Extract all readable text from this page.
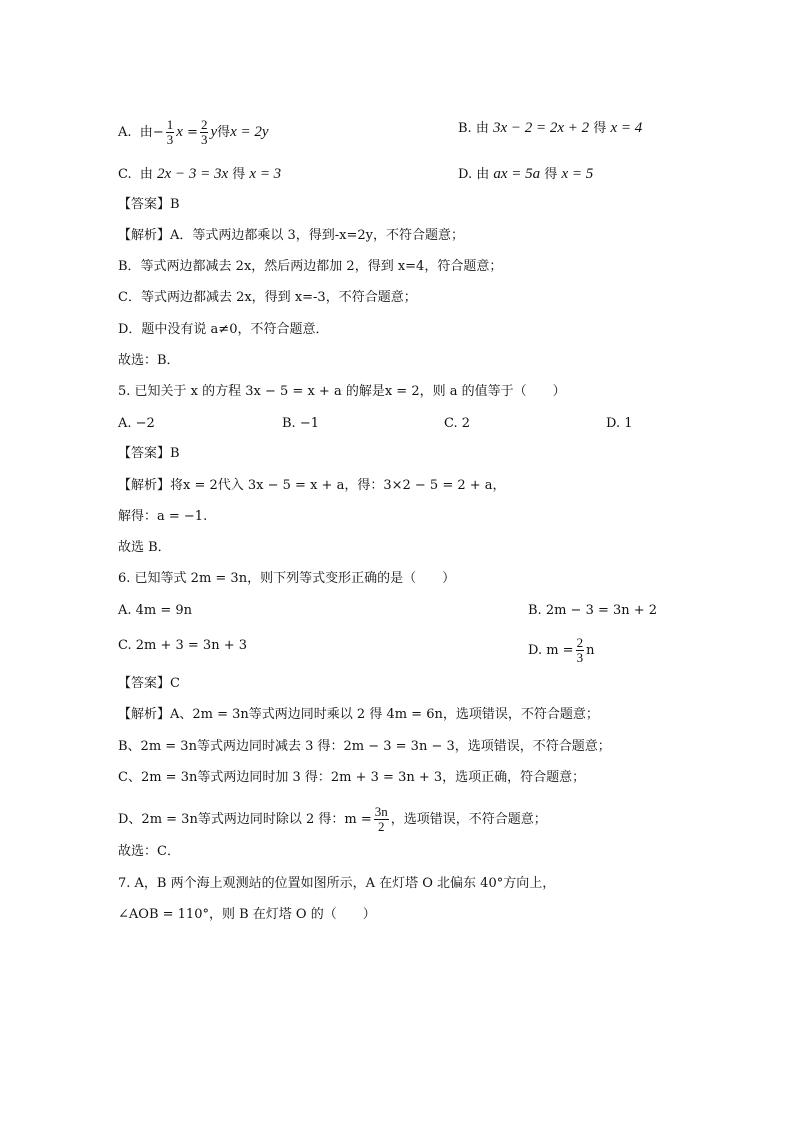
A. 由− $\frac{1}{3}$ $x = \frac{2}{3}$ y得x = 2y	B. 由 3x − 2 = 2x + 2 得 x = 4
C. 由 2x − 3 = 3x 得 x = 3	D. 由 ax = 5a 得 x = 5
【答案】B
【解析】A．等式两边都乘以 3，得到-x=2y，不符合题意；
B．等式两边都减去 2x，然后两边都加 2，得到 x=4，符合题意；
C．等式两边都减去 2x，得到 x=-3，不符合题意；
D．题中没有说 a≠0，不符合题意．
故选：B．
5. 已知关于 x 的方程 3x − 5 = x + a 的解是x = 2，则 a 的值等于（　　）
A. −2	B. −1	C. 2	D. 1
【答案】B
【解析】将x = 2代入 3x − 5 = x + a，得：3×2 − 5 = 2 + a，
解得：a = −1.
故选 B．
6. 已知等式 2m = 3n，则下列等式变形正确的是（　　）
A. 4m = 9n	B. 2m − 3 = 3n + 2
C. 2m + 3 = 3n + 3	D. $m = \frac{2}{3}$ n
【答案】C
【解析】A、2m = 3n等式两边同时乘以 2 得 4m = 6n，选项错误，不符合题意；
B、2m = 3n等式两边同时减去 3 得：2m − 3 = 3n − 3，选项错误，不符合题意；
C、2m = 3n等式两边同时加 3 得：2m + 3 = 3n + 3，选项正确，符合题意；
D、2m = 3n等式两边同时除以 2 得：$m = \frac{3n}{2}$ ，选项错误，不符合题意；
故选：C．
7. A，B 两个海上观测站的位置如图所示，A 在灯塔 O 北偏东 40°方向上，
∠AOB = 110°，则 B 在灯塔 O 的（　　）
